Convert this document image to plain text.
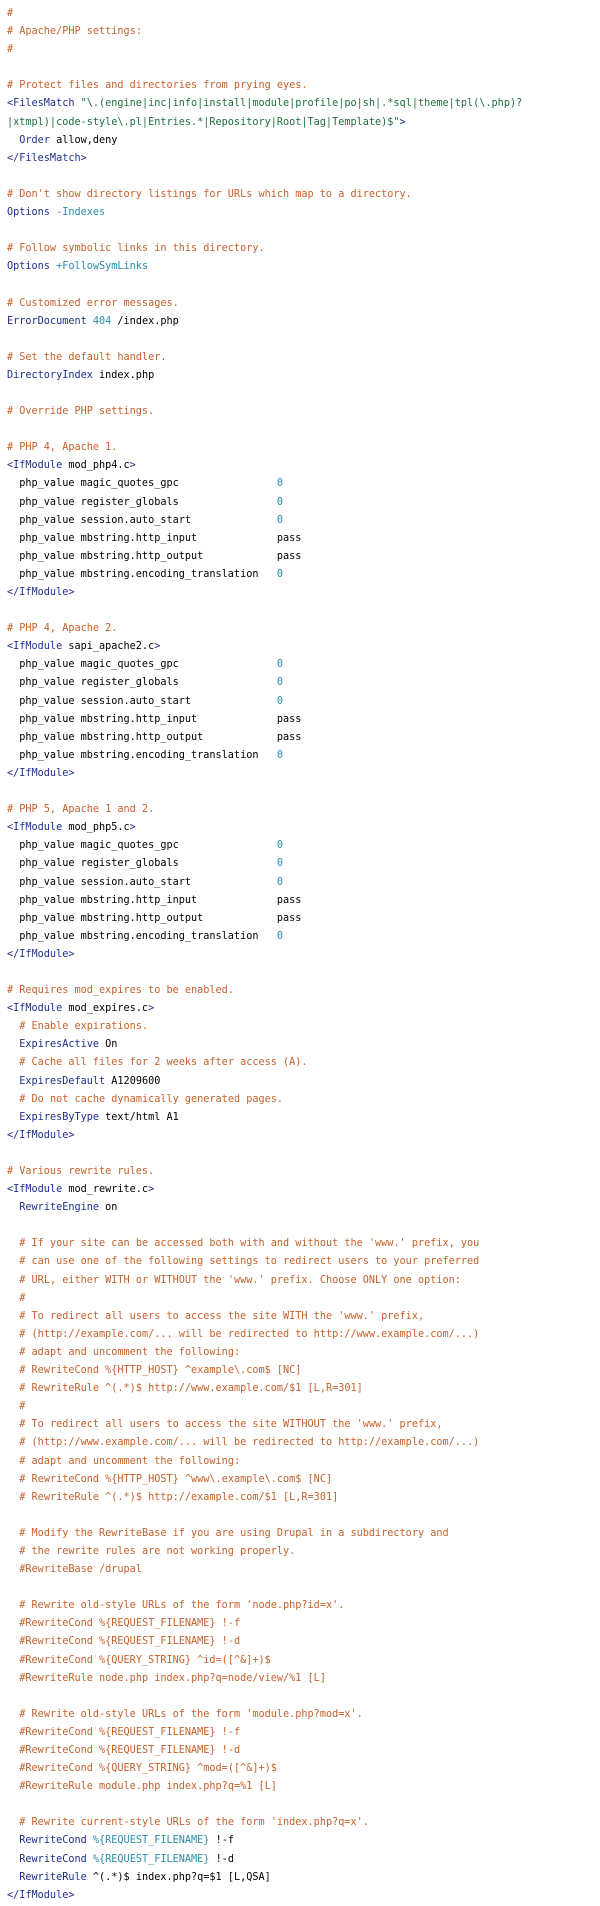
#
# Apache/PHP settings:
#

# Protect files and directories from prying eyes.
<FilesMatch "\.(engine|inc|info|install|module|profile|po|sh|.*sql|theme|tpl(\.php)?
|xtmpl)|code-style\.pl|Entries.*|Repository|Root|Tag|Template)$">
Order allow,deny
</FilesMatch>

# Don't show directory listings for URLs which map to a directory.
Options -Indexes

# Follow symbolic links in this directory.
Options +FollowSymLinks

# Customized error messages.
ErrorDocument 404 /index.php

# Set the default handler.
DirectoryIndex index.php

# Override PHP settings.

# PHP 4, Apache 1.
<IfModule mod_php4.c>
php_value magic_quotes_gpc                0
php_value register_globals                0
php_value session.auto_start              0
php_value mbstring.http_input             pass
php_value mbstring.http_output            pass
php_value mbstring.encoding_translation   0
</IfModule>

# PHP 4, Apache 2.
<IfModule sapi_apache2.c>
php_value magic_quotes_gpc                0
php_value register_globals                0
php_value session.auto_start              0
php_value mbstring.http_input             pass
php_value mbstring.http_output            pass
php_value mbstring.encoding_translation   0
</IfModule>

# PHP 5, Apache 1 and 2.
<IfModule mod_php5.c>
php_value magic_quotes_gpc                0
php_value register_globals                0
php_value session.auto_start              0
php_value mbstring.http_input             pass
php_value mbstring.http_output            pass
php_value mbstring.encoding_translation   0
</IfModule>

# Requires mod_expires to be enabled.
<IfModule mod_expires.c>
# Enable expirations.
ExpiresActive On
# Cache all files for 2 weeks after access (A).
ExpiresDefault A1209600
# Do not cache dynamically generated pages.
ExpiresByType text/html A1
</IfModule>

# Various rewrite rules.
<IfModule mod_rewrite.c>
RewriteEngine on

# If your site can be accessed both with and without the 'www.' prefix, you
# can use one of the following settings to redirect users to your preferred
# URL, either WITH or WITHOUT the 'www.' prefix. Choose ONLY one option:
#
# To redirect all users to access the site WITH the 'www.' prefix,
# (http://example.com/... will be redirected to http://www.example.com/...)
# adapt and uncomment the following:
# RewriteCond %{HTTP_HOST} ^example\.com$ [NC]
# RewriteRule ^(.*)$ http://www.example.com/$1 [L,R=301]
#
# To redirect all users to access the site WITHOUT the 'www.' prefix,
# (http://www.example.com/... will be redirected to http://example.com/...)
# adapt and uncomment the following:
# RewriteCond %{HTTP_HOST} ^www\.example\.com$ [NC]
# RewriteRule ^(.*)$ http://example.com/$1 [L,R=301]

# Modify the RewriteBase if you are using Drupal in a subdirectory and
# the rewrite rules are not working properly.
#RewriteBase /drupal

# Rewrite old-style URLs of the form 'node.php?id=x'.
#RewriteCond %{REQUEST_FILENAME} !-f
#RewriteCond %{REQUEST_FILENAME} !-d
#RewriteCond %{QUERY_STRING} ^id=([^&]+)$
#RewriteRule node.php index.php?q=node/view/%1 [L]

# Rewrite old-style URLs of the form 'module.php?mod=x'.
#RewriteCond %{REQUEST_FILENAME} !-f
#RewriteCond %{REQUEST_FILENAME} !-d
#RewriteCond %{QUERY_STRING} ^mod=([^&]+)$
#RewriteRule module.php index.php?q=%1 [L]

# Rewrite current-style URLs of the form 'index.php?q=x'.
RewriteCond %{REQUEST_FILENAME} !-f
RewriteCond %{REQUEST_FILENAME} !-d
RewriteRule ^(.*)$ index.php?q=$1 [L,QSA]
</IfModule>
